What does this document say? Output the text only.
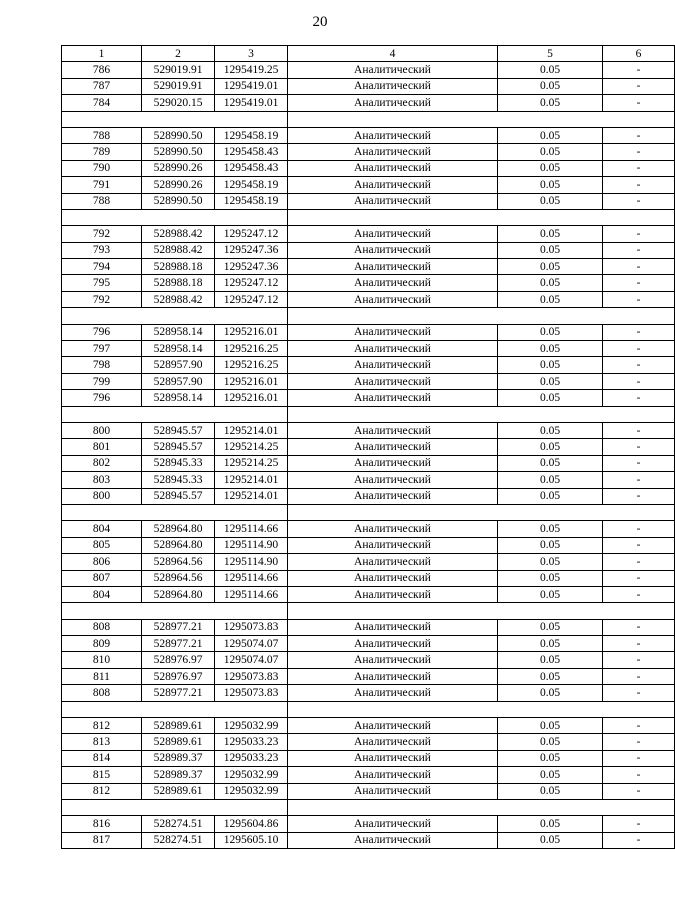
20
1	2	3	4	5	6
786	529019.91	1295419.25	Аналитический	0.05	-
787	529019.91	1295419.01	Аналитический	0.05	-
784	529020.15	1295419.01	Аналитический	0.05	-

788	528990.50	1295458.19	Аналитический	0.05	-
789	528990.50	1295458.43	Аналитический	0.05	-
790	528990.26	1295458.43	Аналитический	0.05	-
791	528990.26	1295458.19	Аналитический	0.05	-
788	528990.50	1295458.19	Аналитический	0.05	-

792	528988.42	1295247.12	Аналитический	0.05	-
793	528988.42	1295247.36	Аналитический	0.05	-
794	528988.18	1295247.36	Аналитический	0.05	-
795	528988.18	1295247.12	Аналитический	0.05	-
792	528988.42	1295247.12	Аналитический	0.05	-

796	528958.14	1295216.01	Аналитический	0.05	-
797	528958.14	1295216.25	Аналитический	0.05	-
798	528957.90	1295216.25	Аналитический	0.05	-
799	528957.90	1295216.01	Аналитический	0.05	-
796	528958.14	1295216.01	Аналитический	0.05	-

800	528945.57	1295214.01	Аналитический	0.05	-
801	528945.57	1295214.25	Аналитический	0.05	-
802	528945.33	1295214.25	Аналитический	0.05	-
803	528945.33	1295214.01	Аналитический	0.05	-
800	528945.57	1295214.01	Аналитический	0.05	-

804	528964.80	1295114.66	Аналитический	0.05	-
805	528964.80	1295114.90	Аналитический	0.05	-
806	528964.56	1295114.90	Аналитический	0.05	-
807	528964.56	1295114.66	Аналитический	0.05	-
804	528964.80	1295114.66	Аналитический	0.05	-

808	528977.21	1295073.83	Аналитический	0.05	-
809	528977.21	1295074.07	Аналитический	0.05	-
810	528976.97	1295074.07	Аналитический	0.05	-
811	528976.97	1295073.83	Аналитический	0.05	-
808	528977.21	1295073.83	Аналитический	0.05	-

812	528989.61	1295032.99	Аналитический	0.05	-
813	528989.61	1295033.23	Аналитический	0.05	-
814	528989.37	1295033.23	Аналитический	0.05	-
815	528989.37	1295032.99	Аналитический	0.05	-
812	528989.61	1295032.99	Аналитический	0.05	-

816	528274.51	1295604.86	Аналитический	0.05	-
817	528274.51	1295605.10	Аналитический	0.05	-
